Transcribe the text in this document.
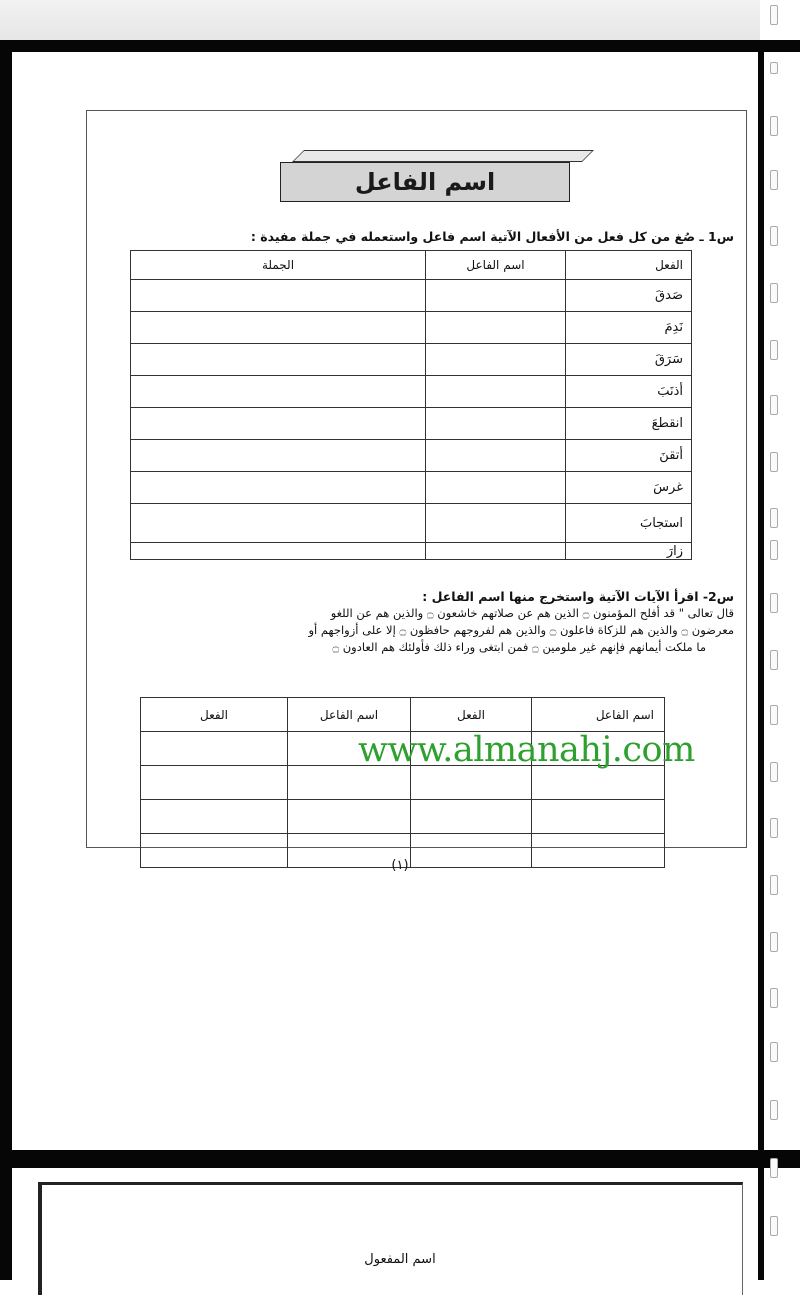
اسم الفاعل
س1 ـ صُغ من كل فعل من الأفعال الآتية اسم فاعل واستعمله في جملة مفيدة :
الفعل	اسم الفاعل	الجملة
صَدقَ		
نَدِمَ		
سَرَقَ		
أذنَبَ		
انقطعَ		
أتقنَ		
غرسَ		
استجابَ		
زارَ		
س2- اقرأ الآيات الآتية واستخرج منها اسم الفاعل :
قال تعالى " قد أفلح المؤمنون ۝ الذين هم عن صلاتهم خاشعون ۝ والذين هم عن اللغو
معرضون ۝ والذين هم للزكاة فاعلون ۝ والذين هم لفروجهم حافظون ۝ إلا على أزواجهم أو
ما ملكت أيمانهم فإنهم غير ملومين ۝ فمن ابتغى وراء ذلك فأولئك هم العادون ۝
اسم الفاعل	الفعل	اسم الفاعل	الفعل

www.almanahj.com
(١)
اسم المفعول
